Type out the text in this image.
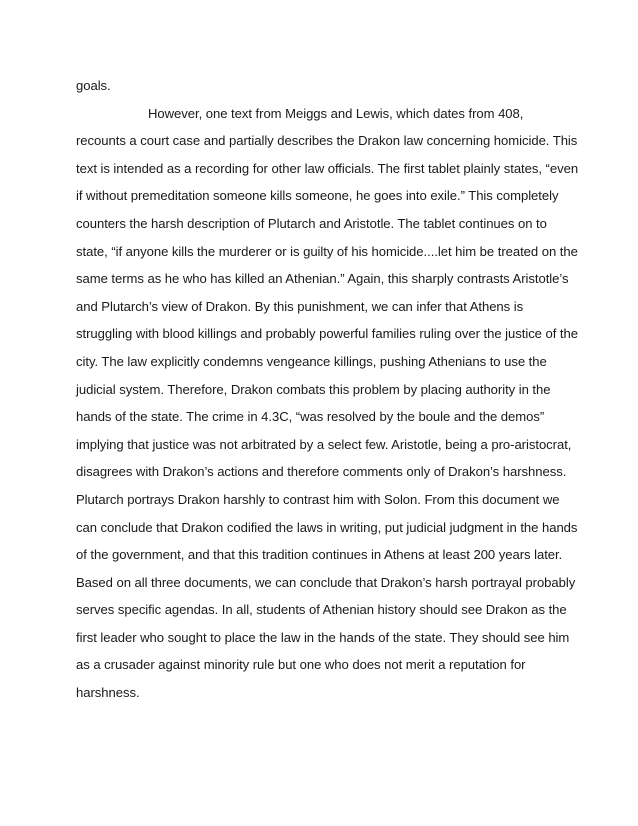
goals.
However, one text from Meiggs and Lewis, which dates from 408,
recounts a court case and partially describes the Drakon law concerning homicide. This
text is intended as a recording for other law officials. The first tablet plainly states, “even
if without premeditation someone kills someone, he goes into exile.” This completely
counters the harsh description of Plutarch and Aristotle. The tablet continues on to
state, “if anyone kills the murderer or is guilty of his homicide....let him be treated on the
same terms as he who has killed an Athenian.” Again, this sharply contrasts Aristotle’s
and Plutarch’s view of Drakon. By this punishment, we can infer that Athens is
struggling with blood killings and probably powerful families ruling over the justice of the
city. The law explicitly condemns vengeance killings, pushing Athenians to use the
judicial system. Therefore, Drakon combats this problem by placing authority in the
hands of the state. The crime in 4.3C, “was resolved by the boule and the demos”
implying that justice was not arbitrated by a select few. Aristotle, being a pro-aristocrat,
disagrees with Drakon’s actions and therefore comments only of Drakon’s harshness.
Plutarch portrays Drakon harshly to contrast him with Solon. From this document we
can conclude that Drakon codified the laws in writing, put judicial judgment in the hands
of the government, and that this tradition continues in Athens at least 200 years later.
Based on all three documents, we can conclude that Drakon’s harsh portrayal probably
serves specific agendas. In all, students of Athenian history should see Drakon as the
first leader who sought to place the law in the hands of the state. They should see him
as a crusader against minority rule but one who does not merit a reputation for
harshness.
